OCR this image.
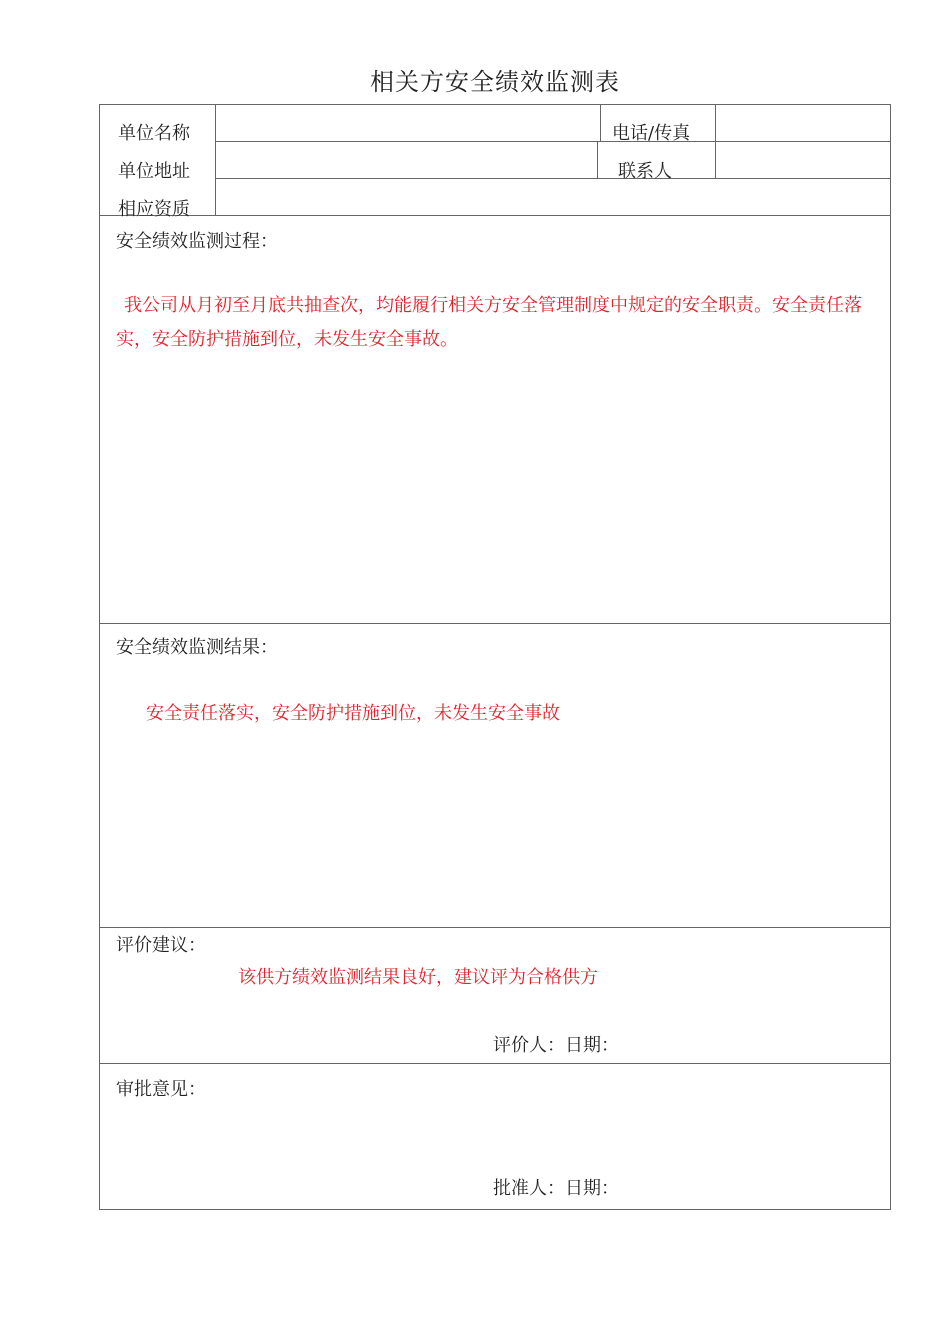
相关方安全绩效监测表
单位名称	电话/传真
单位地址	联系人
相应资质
安全绩效监测过程：
我公司从月初至月底共抽查次，均能履行相关方安全管理制度中规定的安全职责。安全责任落实，安全防护措施到位，未发生安全事故。
安全绩效监测结果：
安全责任落实，安全防护措施到位，未发生安全事故
评价建议：
该供方绩效监测结果良好，建议评为合格供方
评价人：日期：
审批意见：
批准人：日期：
